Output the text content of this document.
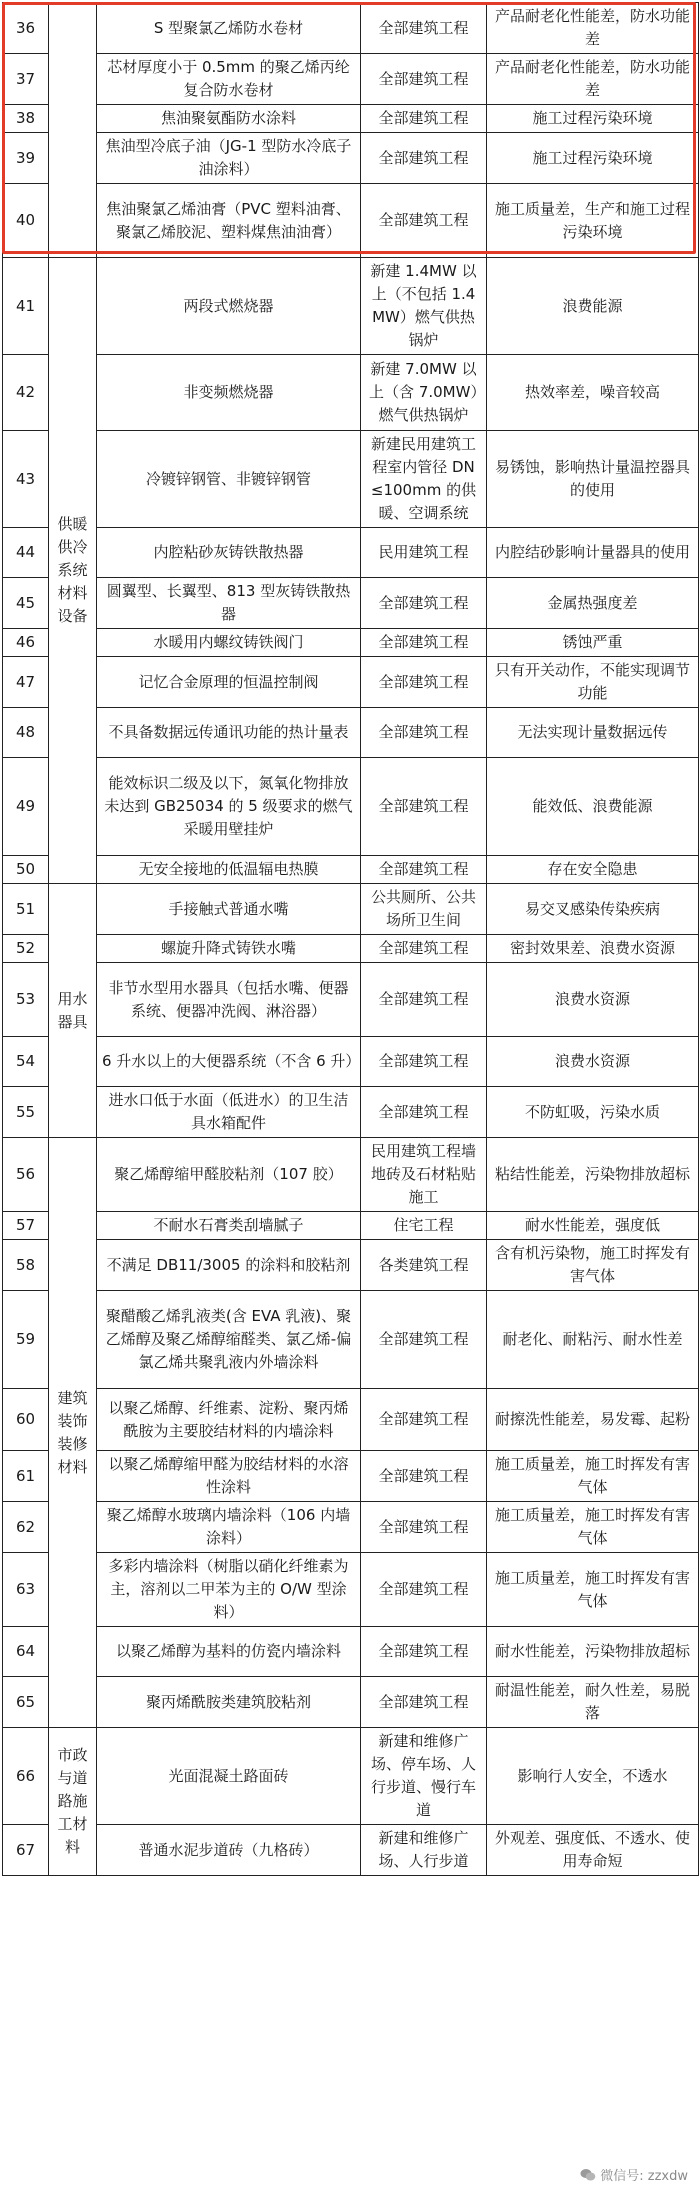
36		S 型聚氯乙烯防水卷材	全部建筑工程	产品耐老化性能差，防水功能差
37		芯材厚度小于 0.5mm 的聚乙烯丙纶复合防水卷材	全部建筑工程	产品耐老化性能差，防水功能差
38		焦油聚氨酯防水涂料	全部建筑工程	施工过程污染环境
39		焦油型冷底子油（JG-1 型防水冷底子油涂料）	全部建筑工程	施工过程污染环境
40		焦油聚氯乙烯油膏（PVC 塑料油膏、聚氯乙烯胶泥、塑料煤焦油油膏）	全部建筑工程	施工质量差，生产和施工过程污染环境
41	供暖供冷系统材料设备	两段式燃烧器	新建 1.4MW 以上（不包括 1.4MW）燃气供热锅炉	浪费能源
42		非变频燃烧器	新建 7.0MW 以上（含 7.0MW）燃气供热锅炉	热效率差，噪音较高
43		冷镀锌钢管、非镀锌钢管	新建民用建筑工程室内管径 DN ≤100mm 的供暖、空调系统	易锈蚀，影响热计量温控器具的使用
44		内腔粘砂灰铸铁散热器	民用建筑工程	内腔结砂影响计量器具的使用
45		圆翼型、长翼型、813 型灰铸铁散热器	全部建筑工程	金属热强度差
46		水暖用内螺纹铸铁阀门	全部建筑工程	锈蚀严重
47		记忆合金原理的恒温控制阀	全部建筑工程	只有开关动作，不能实现调节功能
48		不具备数据远传通讯功能的热计量表	全部建筑工程	无法实现计量数据远传
49		能效标识二级及以下，氮氧化物排放未达到 GB25034 的 5 级要求的燃气采暖用壁挂炉	全部建筑工程	能效低、浪费能源
50		无安全接地的低温辐电热膜	全部建筑工程	存在安全隐患
51	用水器具	手接触式普通水嘴	公共厕所、公共场所卫生间	易交叉感染传染疾病
52		螺旋升降式铸铁水嘴	全部建筑工程	密封效果差、浪费水资源
53		非节水型用水器具（包括水嘴、便器系统、便器冲洗阀、淋浴器）	全部建筑工程	浪费水资源
54		6 升水以上的大便器系统（不含 6 升）	全部建筑工程	浪费水资源
55		进水口低于水面（低进水）的卫生洁具水箱配件	全部建筑工程	不防虹吸，污染水质
56	建筑装饰装修材料	聚乙烯醇缩甲醛胶粘剂（107 胶）	民用建筑工程墙地砖及石材粘贴施工	粘结性能差，污染物排放超标
57		不耐水石膏类刮墙腻子	住宅工程	耐水性能差，强度低
58		不满足 DB11/3005 的涂料和胶粘剂	各类建筑工程	含有机污染物，施工时挥发有害气体
59		聚醋酸乙烯乳液类(含 EVA 乳液)、聚乙烯醇及聚乙烯醇缩醛类、氯乙烯-偏氯乙烯共聚乳液内外墙涂料	全部建筑工程	耐老化、耐粘污、耐水性差
60		以聚乙烯醇、纤维素、淀粉、聚丙烯酰胺为主要胶结材料的内墙涂料	全部建筑工程	耐擦洗性能差，易发霉、起粉
61		以聚乙烯醇缩甲醛为胶结材料的水溶性涂料	全部建筑工程	施工质量差，施工时挥发有害气体
62		聚乙烯醇水玻璃内墙涂料（106 内墙涂料）	全部建筑工程	施工质量差，施工时挥发有害气体
63		多彩内墙涂料（树脂以硝化纤维素为主，溶剂以二甲苯为主的 O/W 型涂料）	全部建筑工程	施工质量差，施工时挥发有害气体
64		以聚乙烯醇为基料的仿瓷内墙涂料	全部建筑工程	耐水性能差，污染物排放超标
65		聚丙烯酰胺类建筑胶粘剂	全部建筑工程	耐温性能差，耐久性差，易脱落
66	市政与道路施工材料	光面混凝土路面砖	新建和维修广场、停车场、人行步道、慢行车道	影响行人安全，不透水
67		普通水泥步道砖（九格砖）	新建和维修广场、人行步道	外观差、强度低、不透水、使用寿命短
微信号: zzxdw
